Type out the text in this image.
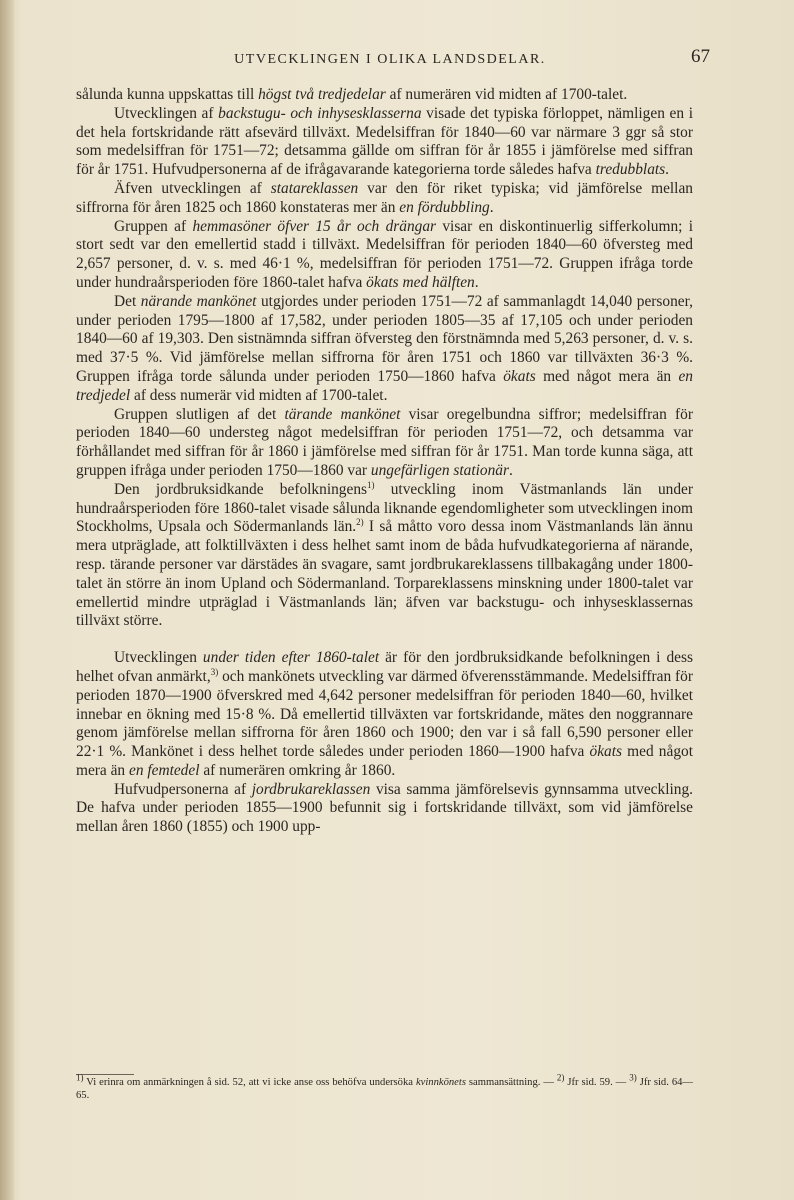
UTVECKLINGEN I OLIKA LANDSDELAR.	67

sålunda kunna uppskattas till högst två tredjedelar af numerären vid midten af 1700-talet.

Utvecklingen af backstugu- och inhysesklasserna visade det typiska förloppet, nämligen en i det hela fortskridande rätt afsevärd tillväxt. Medelsiffran för 1840—60 var närmare 3 ggr så stor som medelsiffran för 1751—72; detsamma gällde om siffran för år 1855 i jämförelse med siffran för år 1751. Hufvudpersonerna af de ifrågavarande kategorierna torde således hafva tredubblats.

Äfven utvecklingen af statareklassen var den för riket typiska; vid jämförelse mellan siffrorna för åren 1825 och 1860 konstateras mer än en fördubbling.

Gruppen af hemmasöner öfver 15 år och drängar visar en diskontinuerlig sifferkolumn; i stort sedt var den emellertid stadd i tillväxt. Medelsiffran för perioden 1840—60 öfversteg med 2,657 personer, d. v. s. med 46·1 %, medelsiffran för perioden 1751—72. Gruppen ifråga torde under hundraårsperioden före 1860-talet hafva ökats med hälften.

Det närande mankönet utgjordes under perioden 1751—72 af sammanlagdt 14,040 personer, under perioden 1795—1800 af 17,582, under perioden 1805—35 af 17,105 och under perioden 1840—60 af 19,303. Den sistnämnda siffran öfversteg den förstnämnda med 5,263 personer, d. v. s. med 37·5 %. Vid jämförelse mellan siffrorna för åren 1751 och 1860 var tillväxten 36·3 %. Gruppen ifråga torde sålunda under perioden 1750—1860 hafva ökats med något mera än en tredjedel af dess numerär vid midten af 1700-talet.

Gruppen slutligen af det tärande mankönet visar oregelbundna siffror; medelsiffran för perioden 1840—60 understeg något medelsiffran för perioden 1751—72, och detsamma var förhållandet med siffran för år 1860 i jämförelse med siffran för år 1751. Man torde kunna säga, att gruppen ifråga under perioden 1750—1860 var ungefärligen stationär.

Den jordbruksidkande befolkningens$^{1)}$ utveckling inom Västmanlands län under hundraårsperioden före 1860-talet visade sålunda liknande egendomligheter som utvecklingen inom Stockholms, Upsala och Södermanlands län.$^{2)}$ I så måtto voro dessa inom Västmanlands län ännu mera utpräglade, att folktillväxten i dess helhet samt inom de båda hufvudkategorierna af närande, resp. tärande personer var därstädes än svagare, samt jordbrukareklassens tillbakagång under 1800-talet än större än inom Upland och Södermanland. Torpareklassens minskning under 1800-talet var emellertid mindre utpräglad i Västmanlands län; äfven var backstugu- och inhysesklassernas tillväxt större.

Utvecklingen under tiden efter 1860-talet är för den jordbruksidkande befolkningen i dess helhet ofvan anmärkt,$^{3)}$ och mankönets utveckling var därmed öfverensstämmande. Medelsiffran för perioden 1870—1900 öfverskred med 4,642 personer medelsiffran för perioden 1840—60, hvilket innebar en ökning med 15·8 %. Då emellertid tillväxten var fortskridande, mätes den noggrannare genom jämförelse mellan siffrorna för åren 1860 och 1900; den var i så fall 6,590 personer eller 22·1 %. Mankönet i dess helhet torde således under perioden 1860—1900 hafva ökats med något mera än en femtedel af numerären omkring år 1860.

Hufvudpersonerna af jordbrukareklassen visa samma jämförelsevis gynnsamma utveckling. De hafva under perioden 1855—1900 befunnit sig i fortskridande tillväxt, som vid jämförelse mellan åren 1860 (1855) och 1900 upp-

$^{1)}$ Vi erinra om anmärkningen å sid. 52, att vi icke anse oss behöfva undersöka kvinnkönets sammansättning. — $^{2)}$ Jfr sid. 59. — $^{3)}$ Jfr sid. 64—65.
